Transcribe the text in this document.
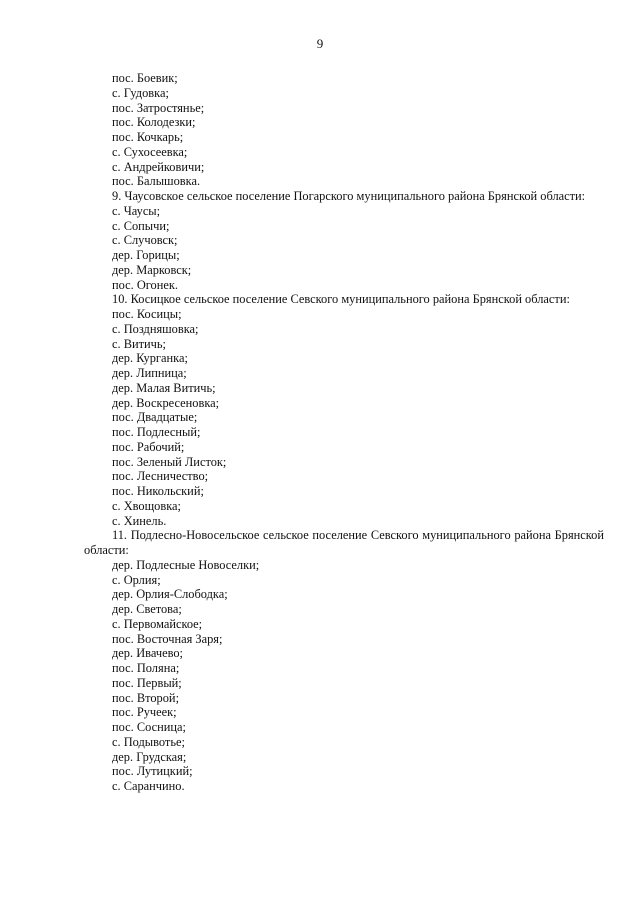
9
пос. Боевик;
с. Гудовка;
пос. Затростянье;
пос. Колодезки;
пос. Кочкарь;
с. Сухосеевка;
с. Андрейковичи;
пос. Балышовка.
9. Чаусовское сельское поселение Погарского муниципального района Брянской области:
с. Чаусы;
с. Сопычи;
с. Случовск;
дер. Горицы;
дер. Марковск;
пос. Огонек.
10. Косицкое сельское поселение Севского муниципального района Брянской области:
пос. Косицы;
с. Поздняшовка;
с. Витичь;
дер. Курганка;
дер. Липница;
дер. Малая Витичь;
дер. Воскресеновка;
пос. Двадцатые;
пос. Подлесный;
пос. Рабочий;
пос. Зеленый Листок;
пос. Лесничество;
пос. Никольский;
с. Хвощовка;
с. Хинель.
11. Подлесно-Новосельское сельское поселение Севского муниципального района Брянской области:
дер. Подлесные Новоселки;
с. Орлия;
дер. Орлия-Слободка;
дер. Светова;
с. Первомайское;
пос. Восточная Заря;
дер. Ивачево;
пос. Поляна;
пос. Первый;
пос. Второй;
пос. Ручеек;
пос. Сосница;
с. Подывотье;
дер. Грудская;
пос. Лутицкий;
с. Саранчино.
